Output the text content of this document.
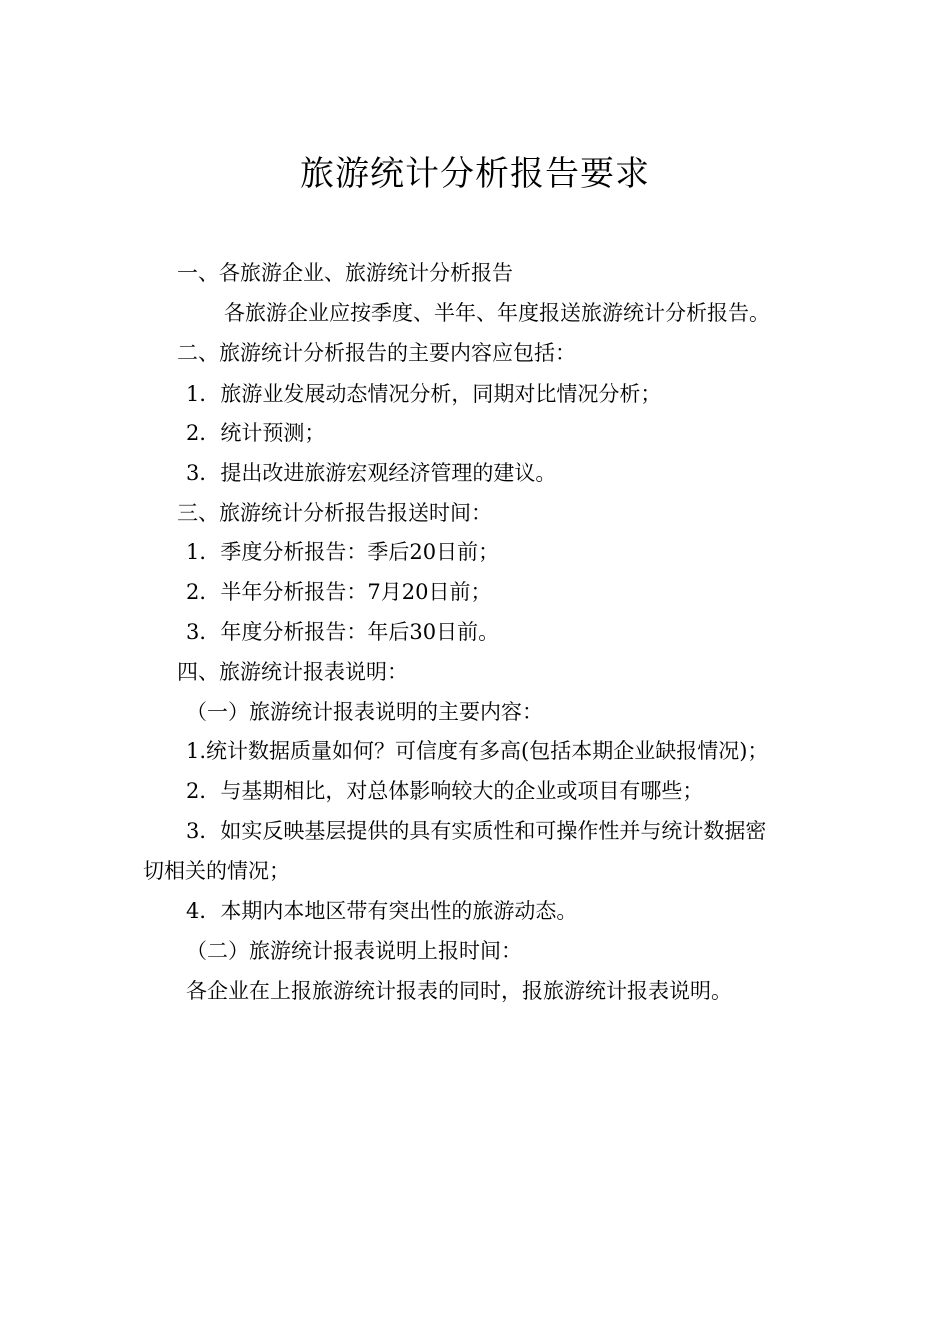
旅游统计分析报告要求
一、各旅游企业、旅游统计分析报告
各旅游企业应按季度、半年、年度报送旅游统计分析报告。
二、旅游统计分析报告的主要内容应包括：
1．旅游业发展动态情况分析，同期对比情况分析；
2．统计预测；
3．提出改进旅游宏观经济管理的建议。
三、旅游统计分析报告报送时间：
1．季度分析报告：季后20日前；
2．半年分析报告：7月20日前；
3．年度分析报告：年后30日前。
四、旅游统计报表说明：
（一）旅游统计报表说明的主要内容：
1.统计数据质量如何？可信度有多高(包括本期企业缺报情况)；
2．与基期相比，对总体影响较大的企业或项目有哪些；
3．如实反映基层提供的具有实质性和可操作性并与统计数据密
切相关的情况；
4．本期内本地区带有突出性的旅游动态。
（二）旅游统计报表说明上报时间：
各企业在上报旅游统计报表的同时，报旅游统计报表说明。
